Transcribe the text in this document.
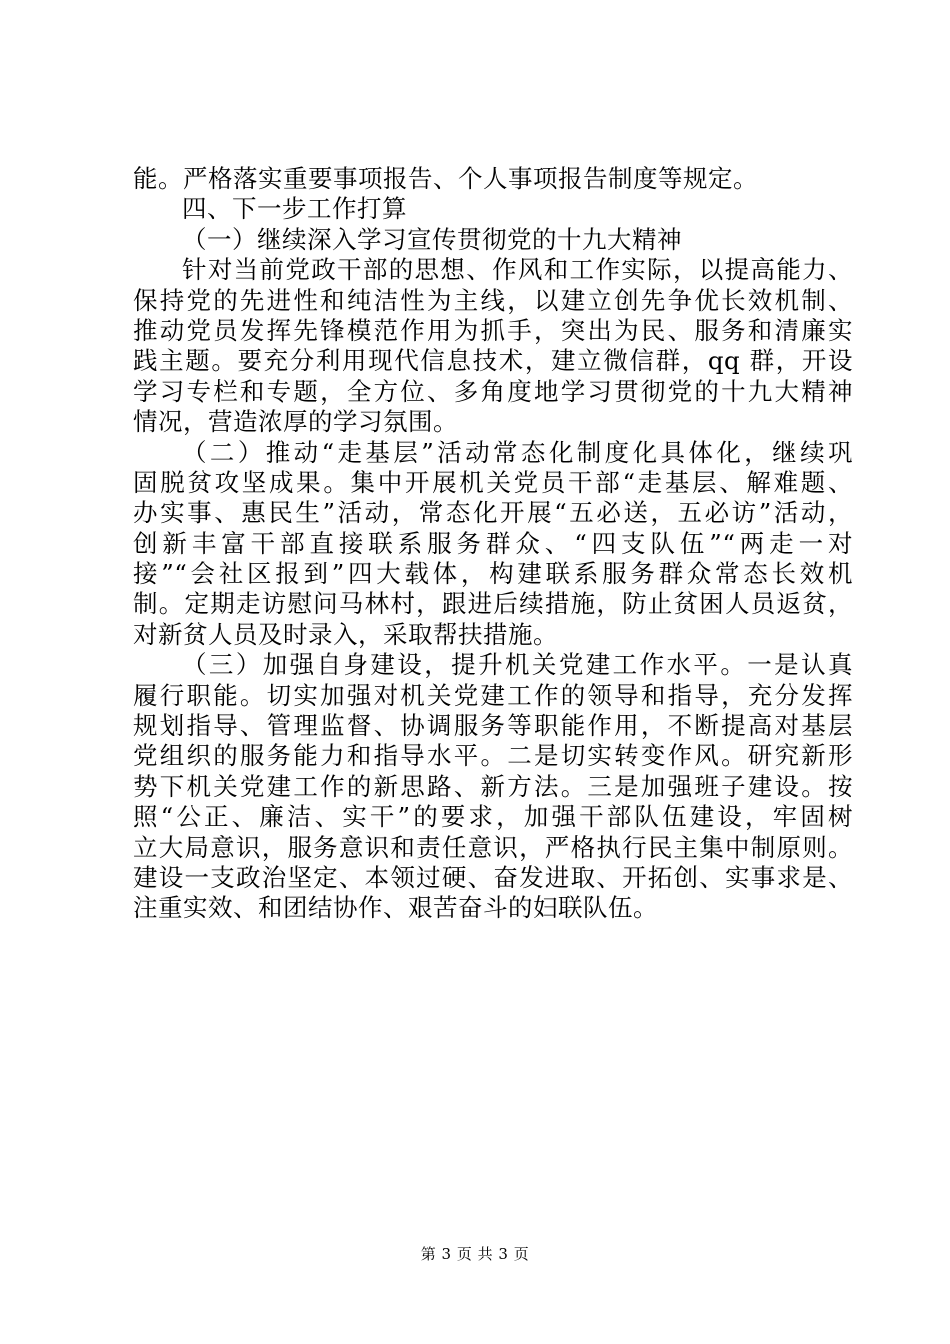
能。严格落实重要事项报告、个人事项报告制度等规定。
四、下一步工作打算
（一）继续深入学习宣传贯彻党的十九大精神
针对当前党政干部的思想、作风和工作实际，以提高能力、
保持党的先进性和纯洁性为主线，以建立创先争优长效机制、
推动党员发挥先锋模范作用为抓手，突出为民、服务和清廉实
践主题。要充分利用现代信息技术，建立微信群，qq 群，开设
学习专栏和专题，全方位、多角度地学习贯彻党的十九大精神
情况，营造浓厚的学习氛围。
（二）推动“走基层”活动常态化制度化具体化，继续巩
固脱贫攻坚成果。集中开展机关党员干部“走基层、解难题、
办实事、惠民生”活动，常态化开展“五必送，五必访”活动，
创新丰富干部直接联系服务群众、“四支队伍”“两走一对
接”“会社区报到”四大载体，构建联系服务群众常态长效机
制。定期走访慰问马林村，跟进后续措施，防止贫困人员返贫，
对新贫人员及时录入，采取帮扶措施。
（三）加强自身建设，提升机关党建工作水平。一是认真
履行职能。切实加强对机关党建工作的领导和指导，充分发挥
规划指导、管理监督、协调服务等职能作用，不断提高对基层
党组织的服务能力和指导水平。二是切实转变作风。研究新形
势下机关党建工作的新思路、新方法。三是加强班子建设。按
照“公正、廉洁、实干”的要求，加强干部队伍建设，牢固树
立大局意识，服务意识和责任意识，严格执行民主集中制原则。
建设一支政治坚定、本领过硬、奋发进取、开拓创、实事求是、
注重实效、和团结协作、艰苦奋斗的妇联队伍。
第 3 页 共 3 页
